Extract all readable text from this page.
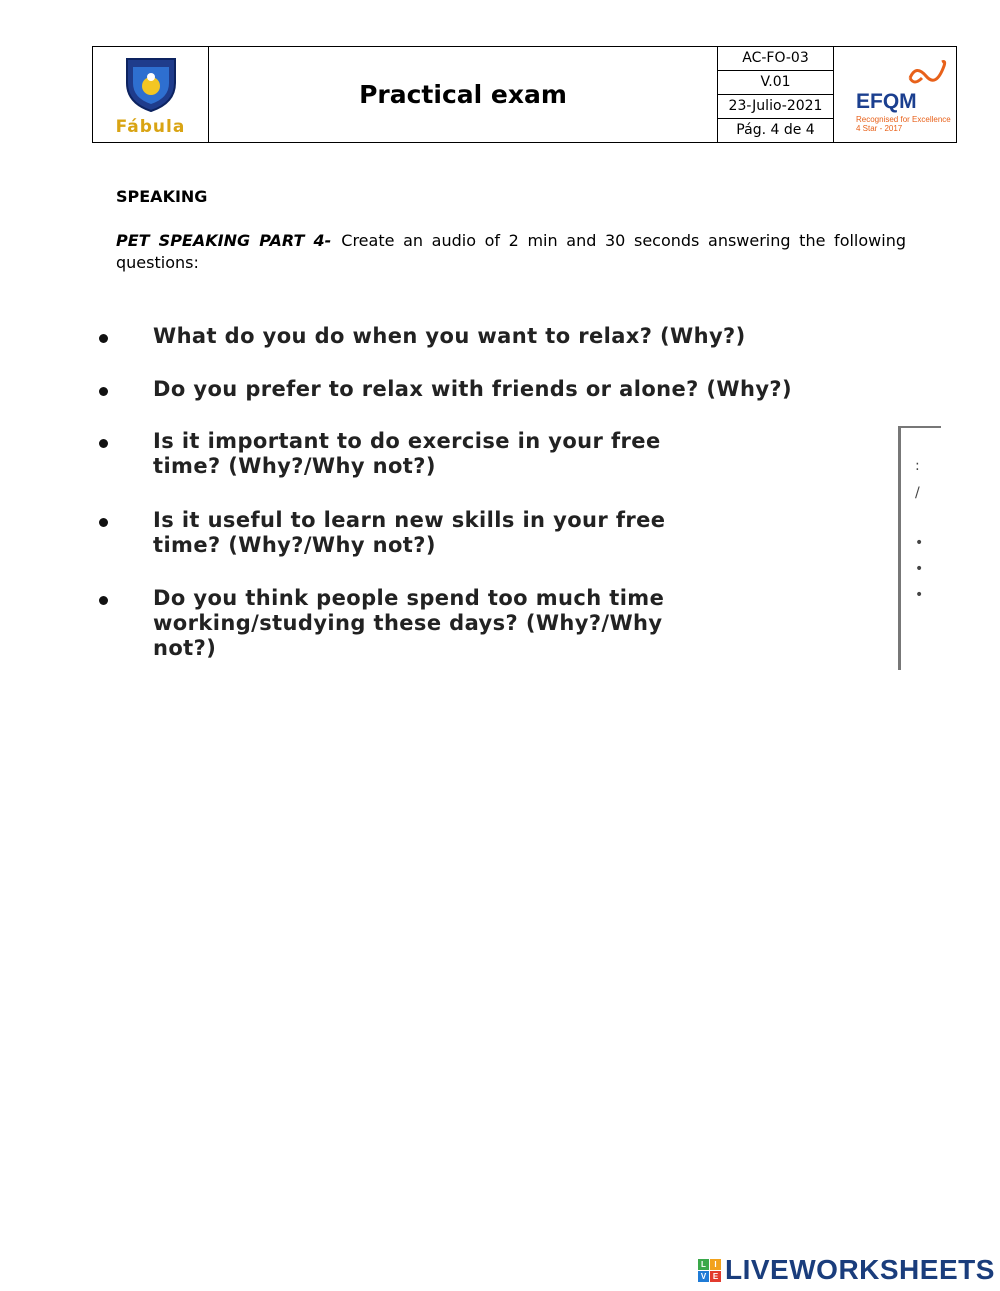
Fábula
	Practical exam	
AC-FO-03
V.01
23-Julio-2021
Pág. 4 de 4

EFQM
Recognised for Excellence
4 Star - 2017
SPEAKING
PET SPEAKING PART 4- Create an audio of 2 min and 30 seconds answering the following questions:
What do you do when you want to relax? (Why?)
Do you prefer to relax with friends or alone? (Why?)
Is it important to do exercise in your free
time? (Why?/Why not?)
Is it useful to learn new skills in your free
time? (Why?/Why not?)
Do you think people spend too much time
working/studying these days? (Why?/Why
not?)
:
/
•
•
•
L	I
V E LIVEWORKSHEETS
